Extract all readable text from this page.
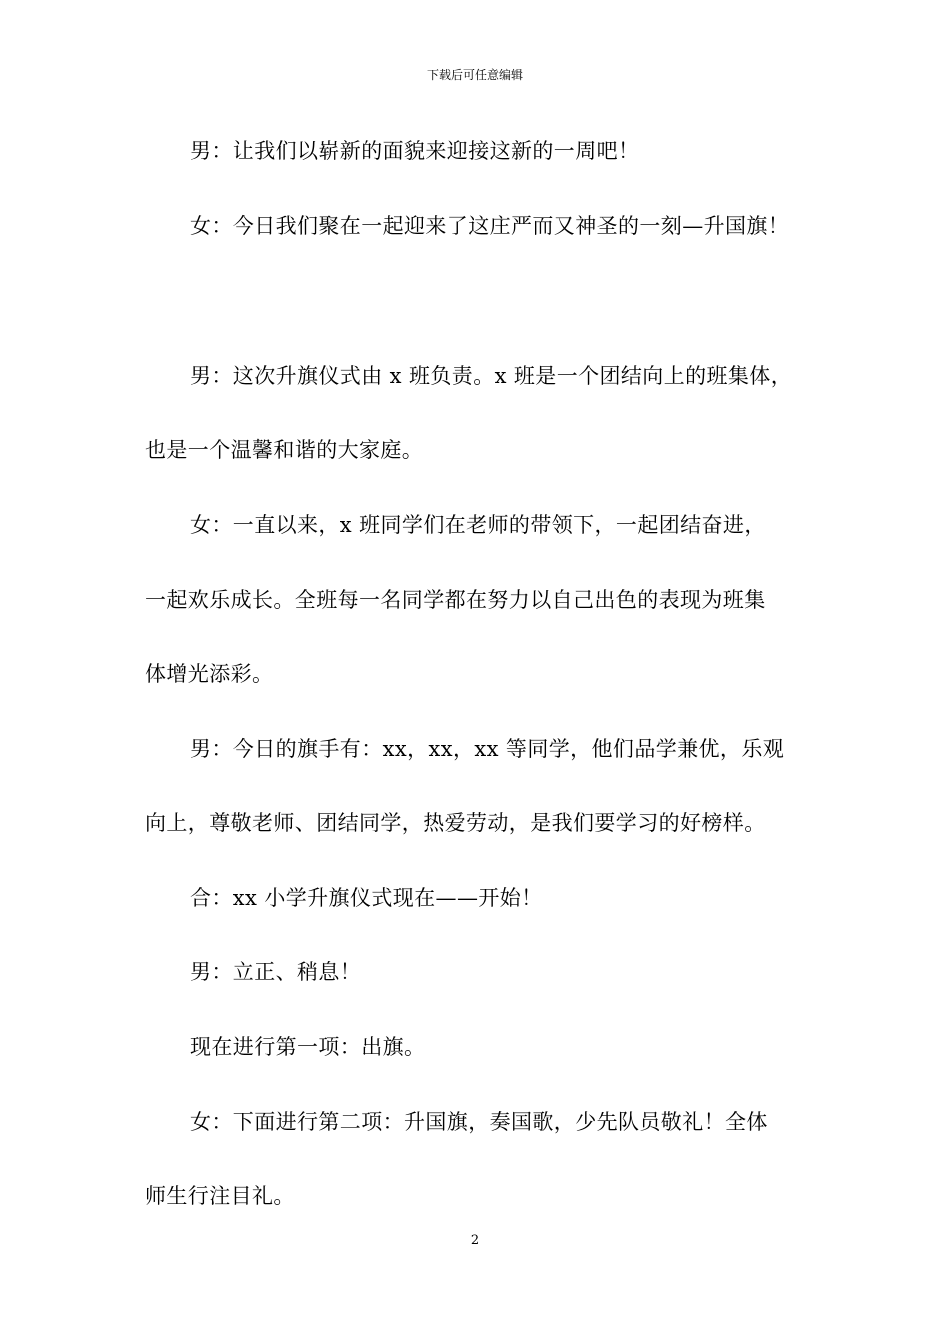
下载后可任意编辑
男：让我们以崭新的面貌来迎接这新的一周吧！
女：今日我们聚在一起迎来了这庄严而又神圣的一刻—升国旗！
男：这次升旗仪式由 x 班负责。x 班是一个团结向上的班集体，
也是一个温馨和谐的大家庭。
女：一直以来，x 班同学们在老师的带领下，一起团结奋进，
一起欢乐成长。全班每一名同学都在努力以自己出色的表现为班集
体增光添彩。
男：今日的旗手有：xx，xx，xx 等同学，他们品学兼优，乐观
向上，尊敬老师、团结同学，热爱劳动，是我们要学习的好榜样。
合：xx 小学升旗仪式现在——开始！
男：立正、稍息！
现在进行第一项：出旗。
女：下面进行第二项：升国旗，奏国歌，少先队员敬礼！全体
师生行注目礼。
2
